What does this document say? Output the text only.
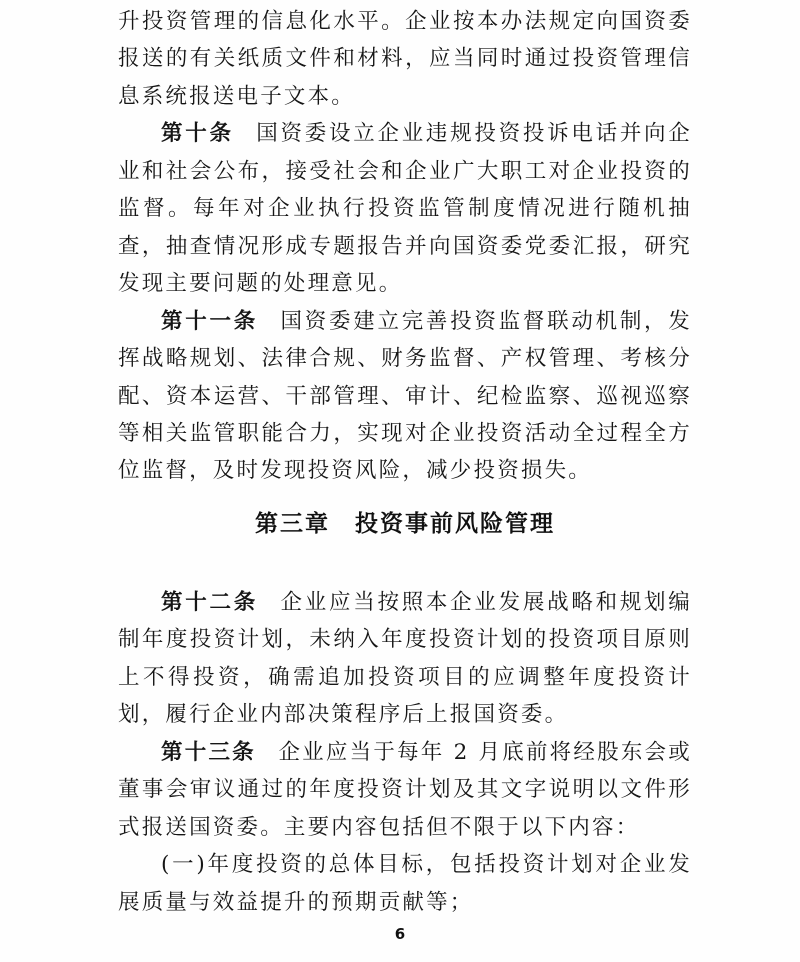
升投资管理的信息化水平。企业按本办法规定向国资委报送的有关纸质文件和材料，应当同时通过投资管理信息系统报送电子文本。

第十条 国资委设立企业违规投资投诉电话并向企业和社会公布，接受社会和企业广大职工对企业投资的监督。每年对企业执行投资监管制度情况进行随机抽查，抽查情况形成专题报告并向国资委党委汇报，研究发现主要问题的处理意见。

第十一条 国资委建立完善投资监督联动机制，发挥战略规划、法律合规、财务监督、产权管理、考核分配、资本运营、干部管理、审计、纪检监察、巡视巡察等相关监管职能合力，实现对企业投资活动全过程全方位监督，及时发现投资风险，减少投资损失。

第三章　投资事前风险管理

第十二条 企业应当按照本企业发展战略和规划编制年度投资计划，未纳入年度投资计划的投资项目原则上不得投资，确需追加投资项目的应调整年度投资计划，履行企业内部决策程序后上报国资委。

第十三条 企业应当于每年 2 月底前将经股东会或董事会审议通过的年度投资计划及其文字说明以文件形式报送国资委。主要内容包括但不限于以下内容：

(一)年度投资的总体目标，包括投资计划对企业发展质量与效益提升的预期贡献等；

6
